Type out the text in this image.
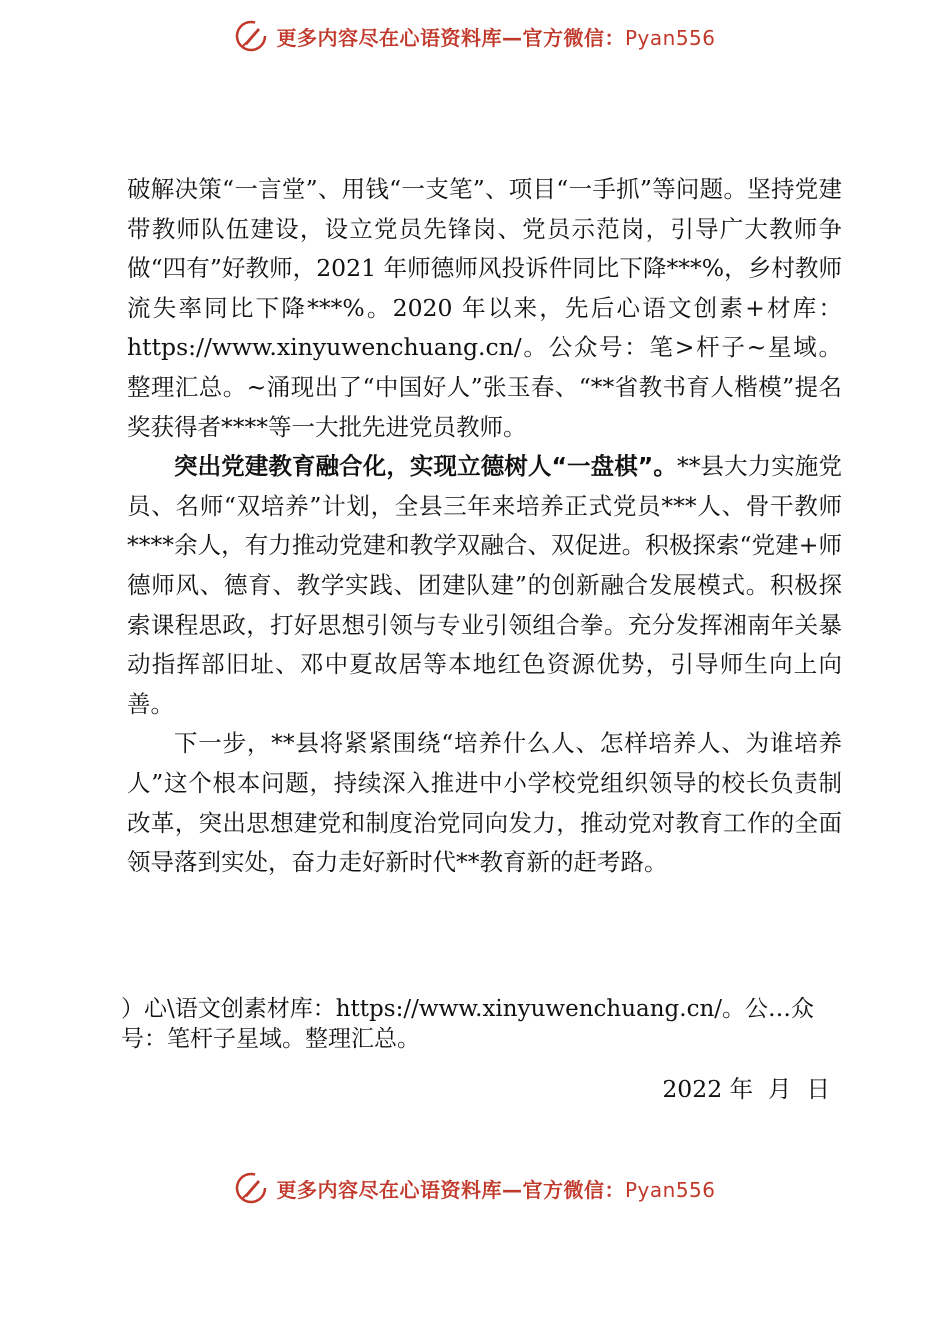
更多内容尽在心语资料库—官方微信：Pyan556

破解决策“一言堂”、用钱“一支笔”、项目“一手抓”等问题。坚持党建带教师队伍建设，设立党员先锋岗、党员示范岗，引导广大教师争做“四有”好教师，2021 年师德师风投诉件同比下降***%，乡村教师流失率同比下降***%。2020 年以来，先后心语文创素+材库：https://www.xinyuwenchuang.cn/。公众号：笔>杆子~星域。整理汇总。~涌现出了“中国好人”张玉春、“**省教书育人楷模”提名奖获得者****等一大批先进党员教师。

突出党建教育融合化，实现立德树人“一盘棋”。**县大力实施党员、名师“双培养”计划，全县三年来培养正式党员***人、骨干教师****余人，有力推动党建和教学双融合、双促进。积极探索“党建+师德师风、德育、教学实践、团建队建”的创新融合发展模式。积极探索课程思政，打好思想引领与专业引领组合拳。充分发挥湘南年关暴动指挥部旧址、邓中夏故居等本地红色资源优势，引导师生向上向善。

下一步，**县将紧紧围绕“培养什么人、怎样培养人、为谁培养人”这个根本问题，持续深入推进中小学校党组织领导的校长负责制改革，突出思想建党和制度治党同向发力，推动党对教育工作的全面领导落到实处，奋力走好新时代**教育新的赶考路。

）心\语文创素材库：https://www.xinyuwenchuang.cn/。公…众号：笔杆子星域。整理汇总。

2022 年  月  日

更多内容尽在心语资料库—官方微信：Pyan556
